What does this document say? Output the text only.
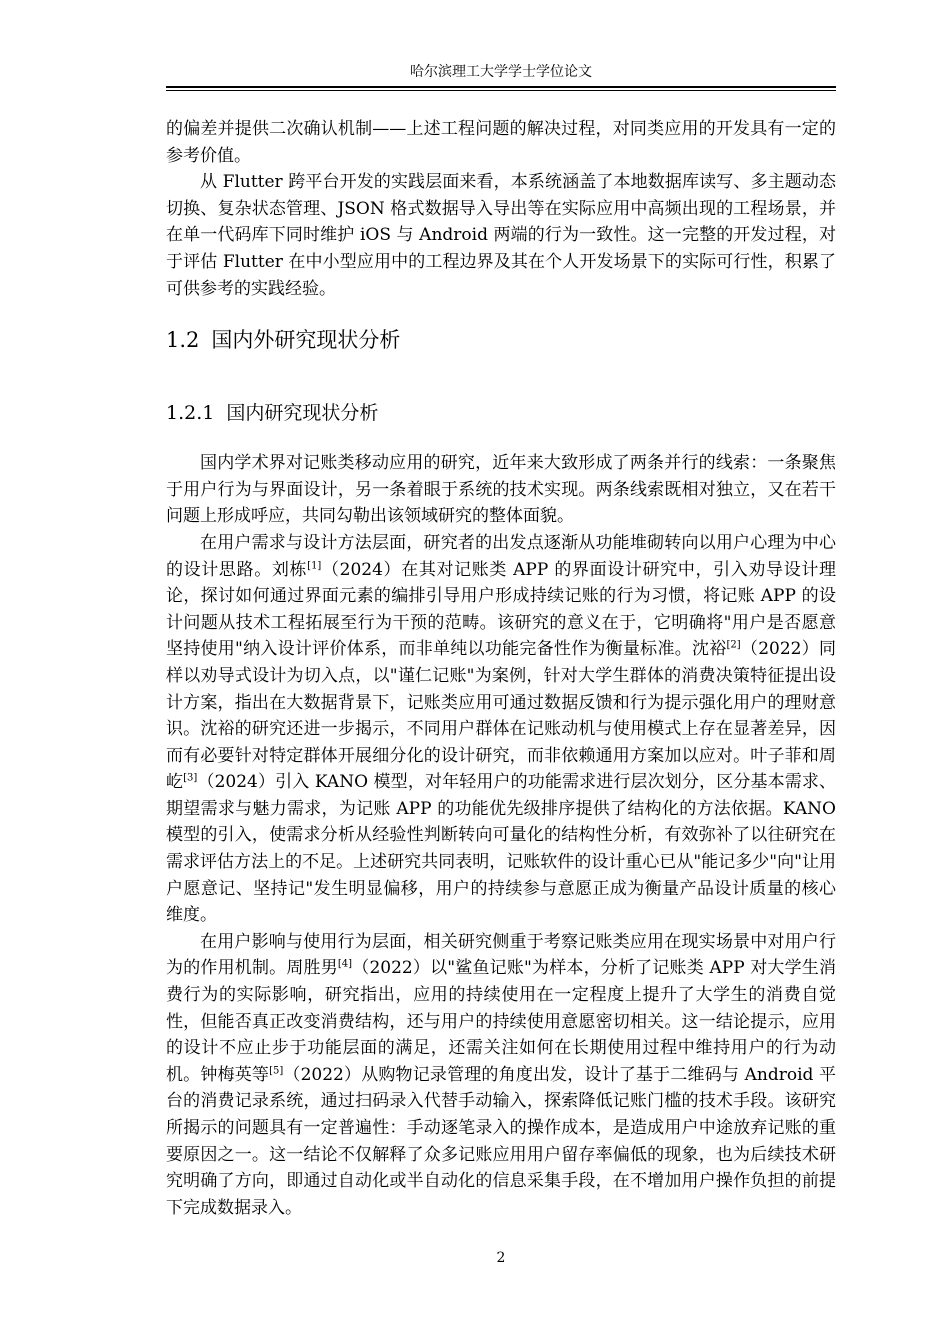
哈尔滨理工大学学士学位论文

的偏差并提供二次确认机制——上述工程问题的解决过程，对同类应用的开发具有一定的参考价值。

从 Flutter 跨平台开发的实践层面来看，本系统涵盖了本地数据库读写、多主题动态切换、复杂状态管理、JSON 格式数据导入导出等在实际应用中高频出现的工程场景，并在单一代码库下同时维护 iOS 与 Android 两端的行为一致性。这一完整的开发过程，对于评估 Flutter 在中小型应用中的工程边界及其在个人开发场景下的实际可行性，积累了可供参考的实践经验。

1.2 国内外研究现状分析
1.2.1 国内研究现状分析

国内学术界对记账类移动应用的研究，近年来大致形成了两条并行的线索：一条聚焦于用户行为与界面设计，另一条着眼于系统的技术实现。两条线索既相对独立，又在若干问题上形成呼应，共同勾勒出该领域研究的整体面貌。

在用户需求与设计方法层面，研究者的出发点逐渐从功能堆砌转向以用户心理为中心的设计思路。刘栋[1]（2024）在其对记账类 APP 的界面设计研究中，引入劝导设计理论，探讨如何通过界面元素的编排引导用户形成持续记账的行为习惯，将记账 APP 的设计问题从技术工程拓展至行为干预的范畴。该研究的意义在于，它明确将"用户是否愿意坚持使用"纳入设计评价体系，而非单纯以功能完备性作为衡量标准。沈裕[2]（2022）同样以劝导式设计为切入点，以"谨仁记账"为案例，针对大学生群体的消费决策特征提出设计方案，指出在大数据背景下，记账类应用可通过数据反馈和行为提示强化用户的理财意识。沈裕的研究还进一步揭示，不同用户群体在记账动机与使用模式上存在显著差异，因而有必要针对特定群体开展细分化的设计研究，而非依赖通用方案加以应对。叶子菲和周屹[3]（2024）引入 KANO 模型，对年轻用户的功能需求进行层次划分，区分基本需求、期望需求与魅力需求，为记账 APP 的功能优先级排序提供了结构化的方法依据。KANO 模型的引入，使需求分析从经验性判断转向可量化的结构性分析，有效弥补了以往研究在需求评估方法上的不足。上述研究共同表明，记账软件的设计重心已从"能记多少"向"让用户愿意记、坚持记"发生明显偏移，用户的持续参与意愿正成为衡量产品设计质量的核心维度。

在用户影响与使用行为层面，相关研究侧重于考察记账类应用在现实场景中对用户行为的作用机制。周胜男[4]（2022）以"鲨鱼记账"为样本，分析了记账类 APP 对大学生消费行为的实际影响，研究指出，应用的持续使用在一定程度上提升了大学生的消费自觉性，但能否真正改变消费结构，还与用户的持续使用意愿密切相关。这一结论提示，应用的设计不应止步于功能层面的满足，还需关注如何在长期使用过程中维持用户的行为动机。钟梅英等[5]（2022）从购物记录管理的角度出发，设计了基于二维码与 Android 平台的消费记录系统，通过扫码录入代替手动输入，探索降低记账门槛的技术手段。该研究所揭示的问题具有一定普遍性：手动逐笔录入的操作成本，是造成用户中途放弃记账的重要原因之一。这一结论不仅解释了众多记账应用用户留存率偏低的现象，也为后续技术研究明确了方向，即通过自动化或半自动化的信息采集手段，在不增加用户操作负担的前提下完成数据录入。

2
